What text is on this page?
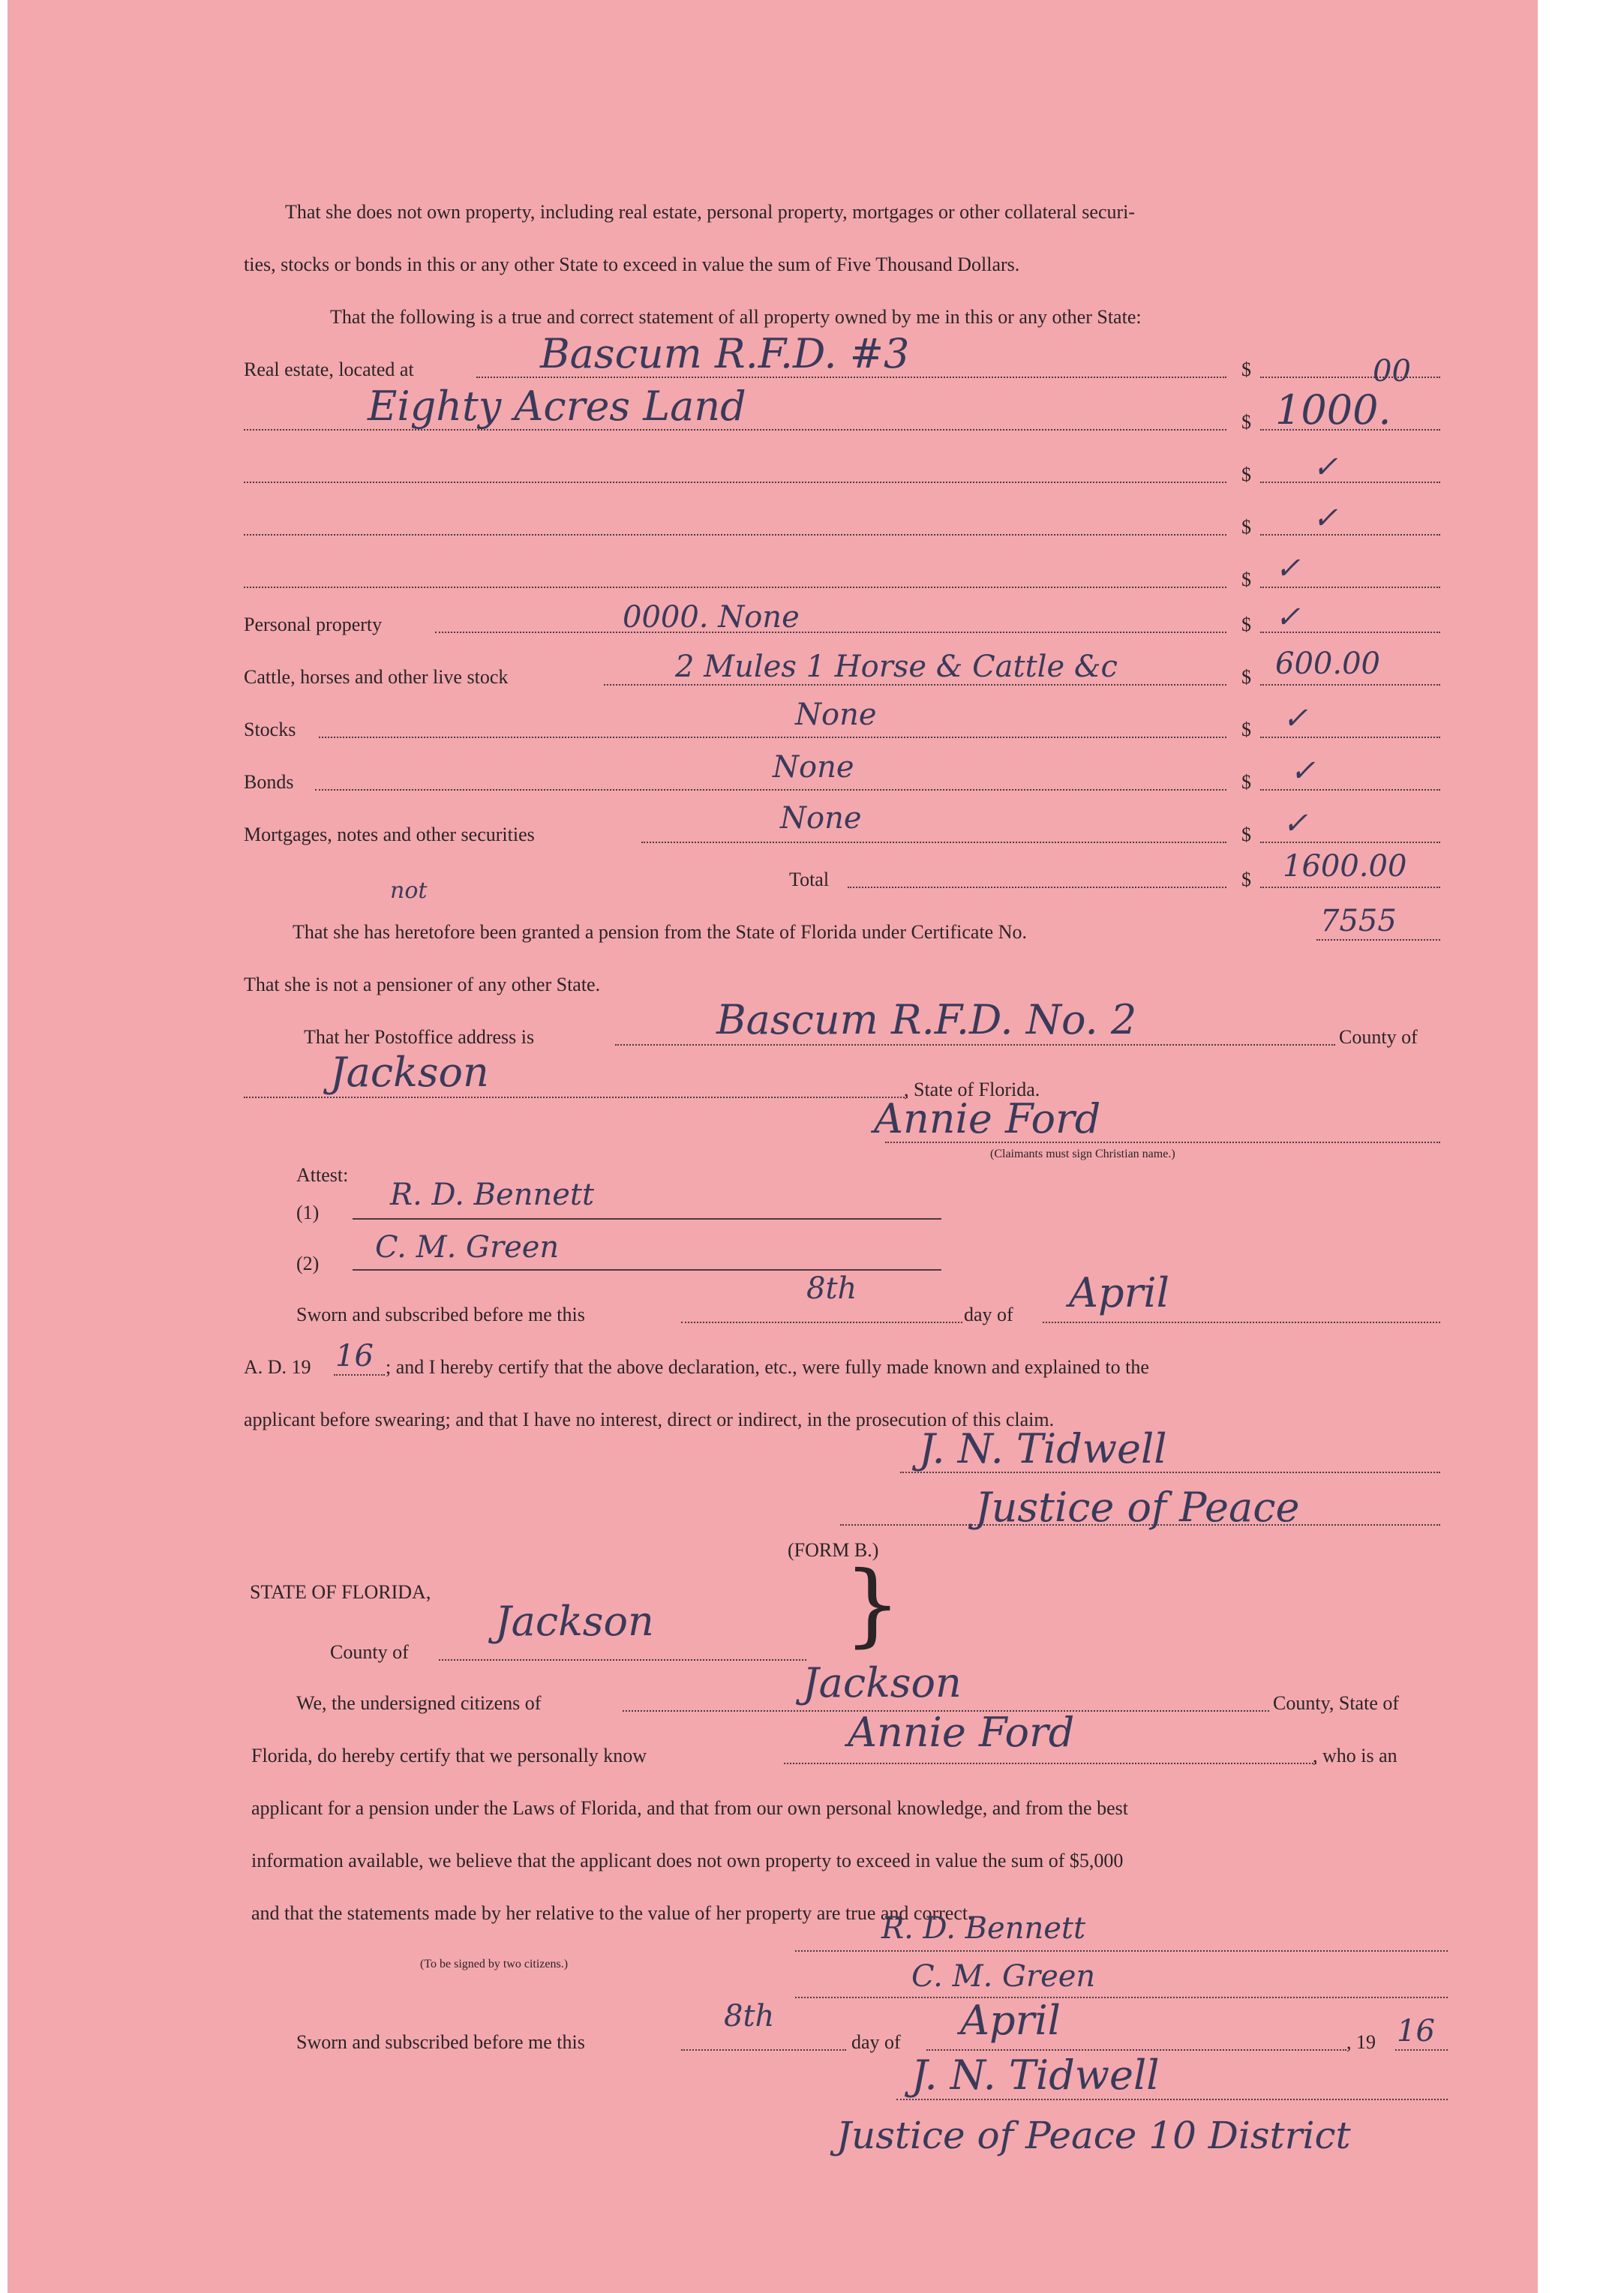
That she does not own property, including real estate, personal property, mortgages or other collateral securi-
ties, stocks or bonds in this or any other State to exceed in value the sum of Five Thousand Dollars.
That the following is a true and correct statement of all property owned by me in this or any other State:
Real estate, located at	Bascum R.F.D. #3	$	00
Eighty Acres Land	$ 1000.
$ ✓
$ ✓
$ ✓
Personal property	0000. None	$ ✓
Cattle, horses and other live stock	2 Mules 1 Horse & Cattle &c	$ 600.00
Stocks	None	$ ✓
Bonds	None	$ ✓
Mortgages, notes and other securities	None	$ ✓
Total	$ 1600.00
not
That she has heretofore been granted a pension from the State of Florida under Certificate No.	7555
That she is not a pensioner of any other State.
That her Postoffice address is	Bascum R.F.D. No. 2	County of
Jackson	, State of Florida.
Annie Ford
(Claimants must sign Christian name.)
Attest:
(1)
R. D. Bennett
(2) C. M. Green
Sworn and subscribed before me this
8th
day of April
A. D. 19 16 ; and I hereby certify that the above declaration, etc., were fully made known and explained to the
applicant before swearing; and that I have no interest, direct or indirect, in the prosecution of this claim.
J. N. Tidwell
Justice of Peace
(FORM B.)
STATE OF FLORIDA,	}
County of
Jackson
We, the undersigned citizens of	Jackson	County, State of
Florida, do hereby certify that we personally know	Annie Ford	, who is an
applicant for a pension under the Laws of Florida, and that from our own personal knowledge, and from the best
information available, we believe that the applicant does not own property to exceed in value the sum of $5,000
and that the statements made by her relative to the value of her property are true and correct.
(To be signed by two citizens.)
R. D. Bennett
C. M. Green
Sworn and subscribed before me this
8th
day of April	, 19 16
J. N. Tidwell
Justice of Peace 10 District
